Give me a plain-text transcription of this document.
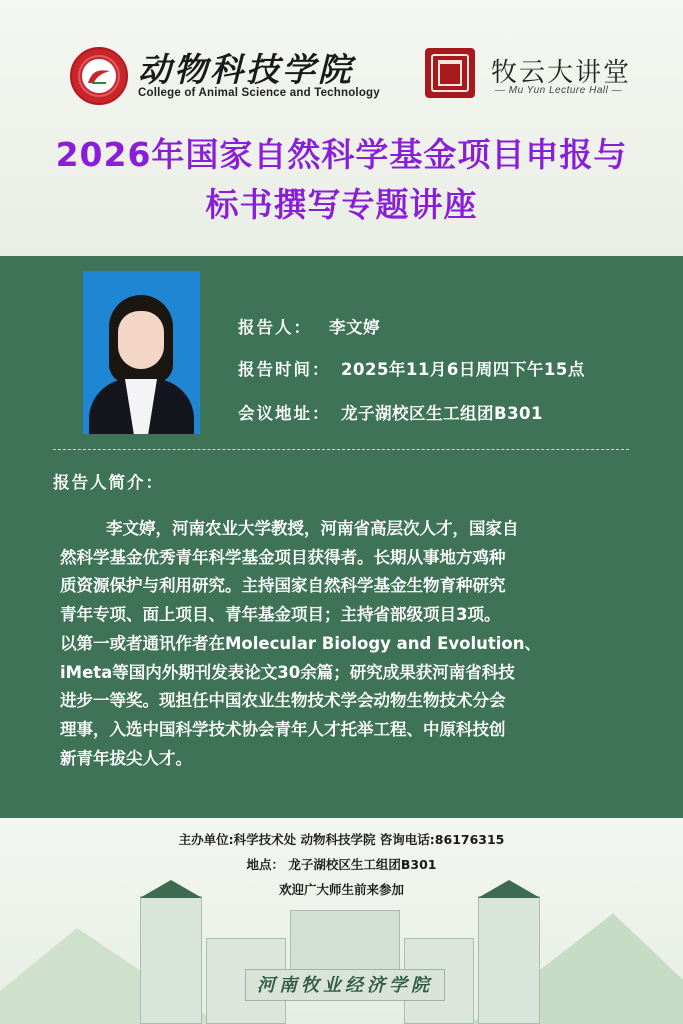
动物科技学院
College of Animal Science and Technology
牧云大讲堂
— Mu Yun Lecture Hall —
2026年国家自然科学基金项目申报与
标书撰写专题讲座
报告人： 李文婷
报告时间： 2025年11月6日周四下午15点
会议地址： 龙子湖校区生工组团B301
报告人简介：
李文婷，河南农业大学教授，河南省高层次人才，国家自
然科学基金优秀青年科学基金项目获得者。长期从事地方鸡种
质资源保护与利用研究。主持国家自然科学基金生物育种研究
青年专项、面上项目、青年基金项目；主持省部级项目3项。
以第一或者通讯作者在Molecular Biology and Evolution、
iMeta等国内外期刊发表论文30余篇；研究成果获河南省科技
进步一等奖。现担任中国农业生物技术学会动物生物技术分会
理事，入选中国科学技术协会青年人才托举工程、中原科技创
新青年拔尖人才。
河南牧业经济学院
主办单位:科学技术处 动物科技学院 咨询电话:86176315
地点： 龙子湖校区生工组团B301
欢迎广大师生前来参加
